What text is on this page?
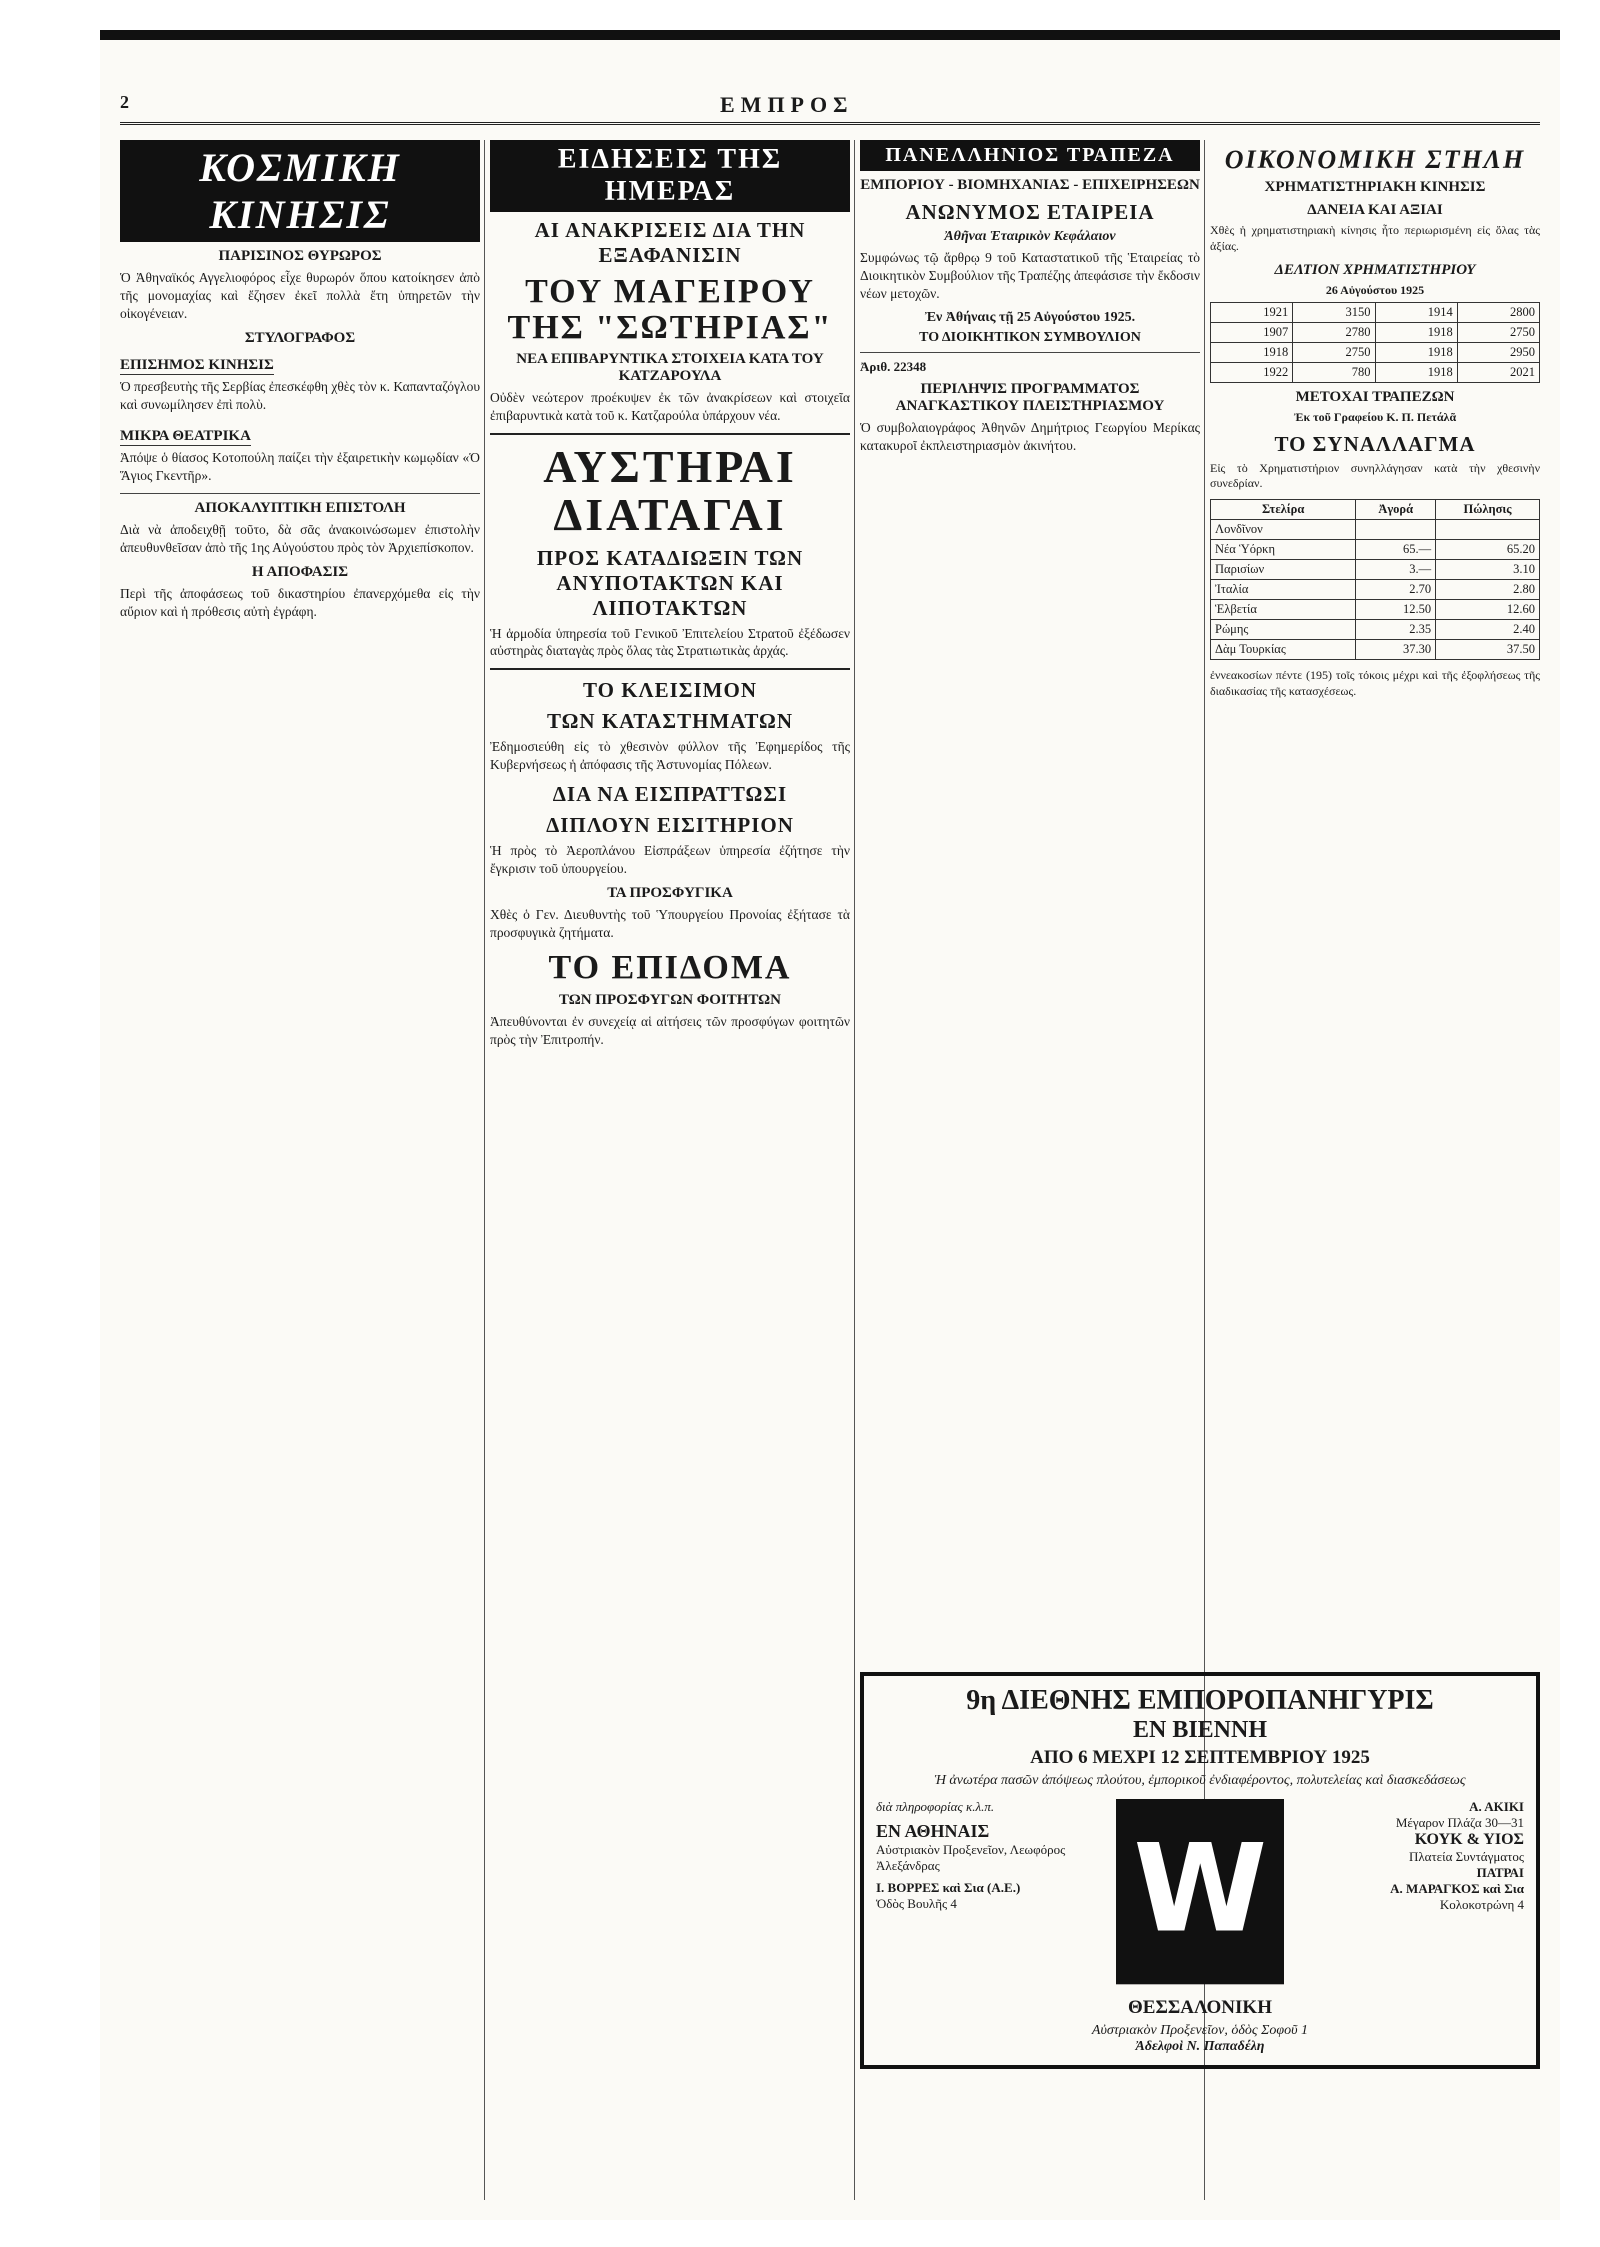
2	ΕΜΠΡΟΣ
ΚΟΣΜΙΚΗ ΚΙΝΗΣΙΣ
ΠΑΡΙΣΙΝΟΣ ΘΥΡΩΡΟΣ

Ὁ Ἀθηναϊκός Αγγελιοφόρος εἶχε θυρωρόν ὅπου κατοίκησεν ἀπὸ τῆς μονομαχίας καὶ ἔζησεν ἐκεῖ πολλὰ ἔτη ὑπηρετῶν τὴν οἰκογένειαν.

ΣΤΥΛΟΓΡΑΦΟΣ
ΕΠΙΣΗΜΟΣ ΚΙΝΗΣΙΣ

Ὁ πρεσβευτὴς τῆς Σερβίας ἐπεσκέφθη χθὲς τὸν κ. Καπανταζόγλου καὶ συνωμίλησεν ἐπὶ πολὺ.

ΜΙΚΡΑ ΘΕΑΤΡΙΚΑ

Ἀπόψε ὁ θίασος Κοτοπούλη παίζει τὴν ἐξαιρετικὴν κωμῳδίαν «Ὁ Ἅγιος Γκεντῆρ».

ΑΠΟΚΑΛΥΠΤΙΚΗ ΕΠΙΣΤΟΛΗ

Διὰ νὰ ἀποδειχθῇ τοῦτο, δὰ σᾶς ἀνακοινώσωμεν ἐπιστολὴν ἀπευθυνθεῖσαν ἀπὸ τῆς 1ης Αὐγούστου πρὸς τὸν Ἀρχιεπίσκοπον.

Η ΑΠΟΦΑΣΙΣ

Περὶ τῆς ἀποφάσεως τοῦ δικαστηρίου ἐπανερχόμεθα εἰς τὴν αὔριον καὶ ἡ πρόθεσις αὐτὴ ἐγράφη.

ΕΙΔΗΣΕΙΣ ΤΗΣ ΗΜΕΡΑΣ
ΑΙ ΑΝΑΚΡΙΣΕΙΣ ΔΙΑ ΤΗΝ ΕΞΑΦΑΝΙΣΙΝ
ΤΟΥ ΜΑΓΕΙΡΟΥ ΤΗΣ "ΣΩΤΗΡΙΑΣ"
ΝΕΑ ΕΠΙΒΑΡΥΝΤΙΚΑ ΣΤΟΙΧΕΙΑ ΚΑΤΑ ΤΟΥ ΚΑΤΖΑΡΟΥΛΑ

Οὐδὲν νεώτερον προέκυψεν ἐκ τῶν ἀνακρίσεων καὶ στοιχεῖα ἐπιβαρυντικὰ κατὰ τοῦ κ. Κατζαρούλα ὑπάρχουν νέα.

ΑΥΣΤΗΡΑΙ ΔΙΑΤΑΓΑΙ
ΠΡΟΣ ΚΑΤΑΔΙΩΞΙΝ ΤΩΝ ΑΝΥΠΟΤΑΚΤΩΝ ΚΑΙ ΛΙΠΟΤΑΚΤΩΝ

Ἡ ἁρμοδία ὑπηρεσία τοῦ Γενικοῦ Ἐπιτελείου Στρατοῦ ἐξέδωσεν αὐστηρὰς διαταγὰς πρὸς ὅλας τὰς Στρατιωτικὰς ἀρχάς.

ΤΟ ΚΛΕΙΣΙΜΟΝ
ΤΩΝ ΚΑΤΑΣΤΗΜΑΤΩΝ

Ἐδημοσιεύθη εἰς τὸ χθεσινὸν φύλλον τῆς Ἐφημερίδος τῆς Κυβερνήσεως ἡ ἀπόφασις τῆς Ἀστυνομίας Πόλεων.

ΔΙΑ ΝΑ ΕΙΣΠΡΑΤΤΩΣΙ
ΔΙΠΛΟΥΝ ΕΙΣΙΤΗΡΙΟΝ

Ἡ πρὸς τὸ Ἀεροπλάνου Εἰσπράξεων ὑπηρεσία ἐζήτησε τὴν ἔγκρισιν τοῦ ὑπουργείου.

ΤΑ ΠΡΟΣΦΥΓΙΚΑ

Χθὲς ὁ Γεν. Διευθυντὴς τοῦ Ὑπουργείου Προνοίας ἐξήτασε τὰ προσφυγικὰ ζητήματα.

ΤΟ ΕΠΙΔΟΜΑ
ΤΩΝ ΠΡΟΣΦΥΓΩΝ ΦΟΙΤΗΤΩΝ

Ἀπευθύνονται ἐν συνεχείᾳ αἱ αἰτήσεις τῶν προσφύγων φοιτητῶν πρὸς τὴν Ἐπιτροπήν.

ΠΑΝΕΛΛΗΝΙΟΣ ΤΡΑΠΕΖΑ
ΕΜΠΟΡΙΟΥ - ΒΙΟΜΗΧΑΝΙΑΣ - ΕΠΙΧΕΙΡΗΣΕΩΝ
ΑΝΩΝΥΜΟΣ ΕΤΑΙΡΕΙΑ
Ἀθῆναι Ἑταιρικὸν Κεφάλαιον

Συμφώνως τῷ ἄρθρῳ 9 τοῦ Καταστατικοῦ τῆς Ἑταιρείας τὸ Διοικητικὸν Συμβούλιον τῆς Τραπέζης ἀπεφάσισε τὴν ἔκδοσιν νέων μετοχῶν.

Ἐν Ἀθήναις τῇ 25 Αὐγούστου 1925.
ΤΟ ΔΙΟΙΚΗΤΙΚΟΝ ΣΥΜΒΟΥΛΙΟΝ
Ἀριθ. 22348
ΠΕΡΙΛΗΨΙΣ ΠΡΟΓΡΑΜΜΑΤΟΣ ΑΝΑΓΚΑΣΤΙΚΟΥ ΠΛΕΙΣΤΗΡΙΑΣΜΟΥ

Ὁ συμβολαιογράφος Ἀθηνῶν Δημήτριος Γεωργίου Μερίκας κατακυροῖ ἐκπλειστηριασμὸν ἀκινήτου.

ΟΙΚΟΝΟΜΙΚΗ ΣΤΗΛΗ
ΧΡΗΜΑΤΙΣΤΗΡΙΑΚΗ ΚΙΝΗΣΙΣ
ΔΑΝΕΙΑ ΚΑΙ ΑΞΙΑΙ

Χθὲς ἡ χρηματιστηριακὴ κίνησις ἦτο περιωρισμένη εἰς ὅλας τὰς ἀξίας.

ΔΕΛΤΙΟΝ ΧΡΗΜΑΤΙΣΤΗΡΙΟΥ
26 Αὐγούστου 1925
1921	3150	1914	2800
1907	2780	1918	2750
1918	2750	1918	2950
1922	780	1918	2021
ΜΕΤΟΧΑΙ ΤΡΑΠΕΖΩΝ
Ἐκ τοῦ Γραφείου Κ. Π. Πετάλᾶ
ΤΟ ΣΥΝΑΛΛΑΓΜΑ

Εἰς τὸ Χρηματιστήριον συνηλλάγησαν κατὰ τὴν χθεσινὴν συνεδρίαν.

Στελίρα	Ἀγορά	Πώλησις
Λονδῖνον		
Νέα Ὑόρκη	65.—	65.20
Παρισίων	3.—	3.10
Ἰταλία	2.70	2.80
Ἑλβετία	12.50	12.60
Ρώμης	2.35	2.40
Δὰμ Τουρκίας	37.30	37.50

ἐννεακοσίων πέντε (195) τοῖς τόκοις μέχρι καὶ τῆς ἐξοφλήσεως τῆς διαδικασίας τῆς κατασχέσεως.

9η ΔΙΕΘΝΗΣ ΕΜΠΟΡΟΠΑΝΗΓΥΡΙΣ
ΕΝ ΒΙΕΝΝΗ
ΑΠΟ 6 ΜΕΧΡΙ 12 ΣΕΠΤΕΜΒΡΙΟΥ 1925
Ἡ ἀνωτέρα πασῶν ἀπόψεως πλούτου, ἐμπορικοῦ ἐνδιαφέροντος, πολυτελείας καὶ διασκεδάσεως
διὰ πληροφορίας κ.λ.π.
ΕΝ ΑΘΗΝΑΙΣ
Αὐστριακὸν Προξενεῖον, Λεωφόρος Ἀλεξάνδρας
Ι. ΒΟΡΡΕΣ καὶ Σια (Α.Ε.)
Ὁδὸς Βουλῆς 4	W
Α. ΑΚΙΚΙ
Μέγαρον Πλάζα 30—31
ΚΟΥΚ & ΥΙΟΣ
Πλατεία Συντάγματος
ΠΑΤΡΑΙ
Α. ΜΑΡΑΓΚΟΣ καὶ Σια
Κολοκοτρώνη 4
ΘΕΣΣΑΛΟΝΙΚΗ
Αὐστριακὸν Προξενεῖον, ὁδὸς Σοφοῦ 1
Ἀδελφοὶ Ν. Παπαδέλη
